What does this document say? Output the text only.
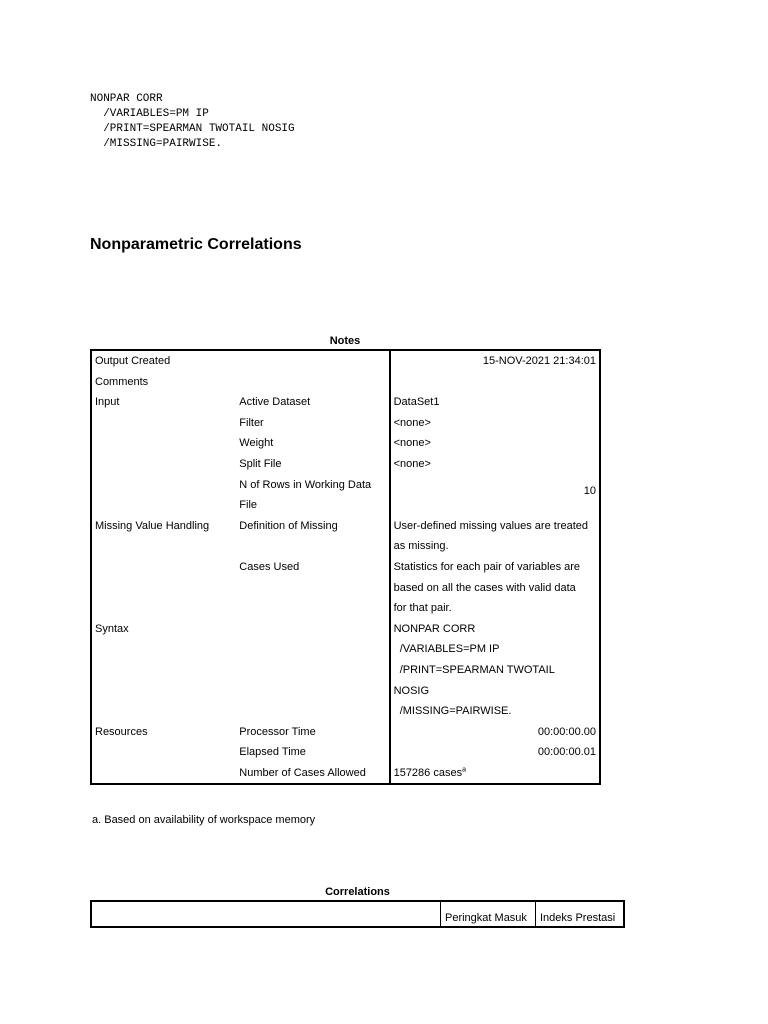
NONPAR CORR
/VARIABLES=PM IP
/PRINT=SPEARMAN TWOTAIL NOSIG
/MISSING=PAIRWISE.
Nonparametric Correlations
Notes
Output Created		15-NOV-2021 21:34:01
Comments		
Input	Active Dataset	DataSet1
	Filter	<none>
	Weight	<none>
	Split File	<none>
	N of Rows in Working Data	
	File	10
Missing Value Handling	Definition of Missing	User-defined missing values are treated
		as missing.
	Cases Used	Statistics for each pair of variables are
		based on all the cases with valid data
		for that pair.
Syntax		NONPAR CORR
		/VARIABLES=PM IP
		/PRINT=SPEARMAN TWOTAIL
		NOSIG
		/MISSING=PAIRWISE.
Resources	Processor Time	00:00:00.00
	Elapsed Time	00:00:00.01
	Number of Cases Allowed	157286 cases$^a$
a. Based on availability of workspace memory
Correlations
	Peringkat Masuk	Indeks Prestasi
